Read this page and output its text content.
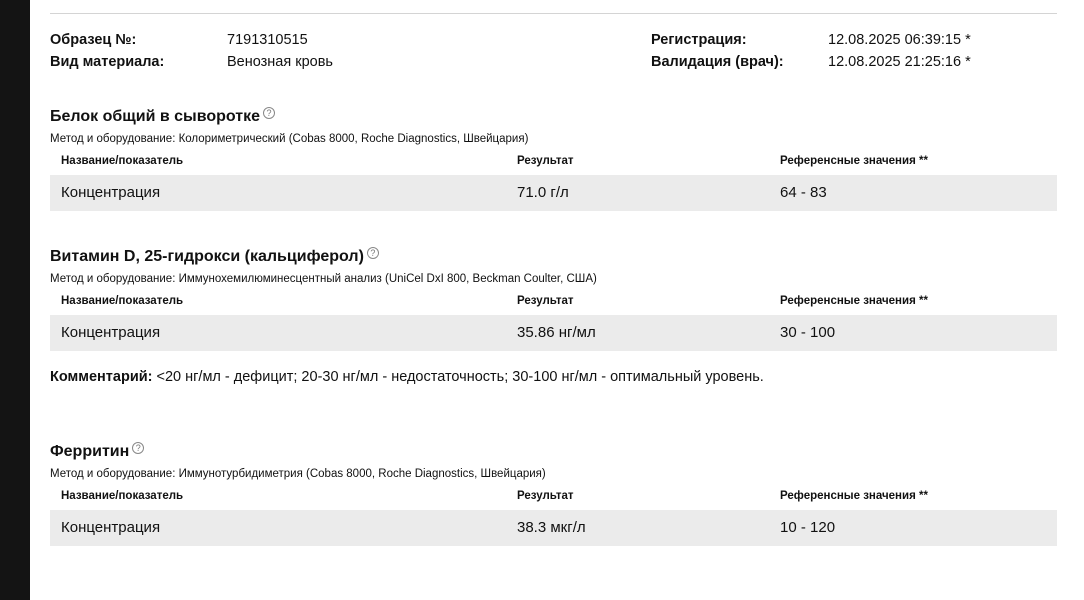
Образец №:	7191310515	Регистрация:	12.08.2025 06:39:15 *
Вид материала:	Венозная кровь	Валидация (врач):	12.08.2025 21:25:16 *
Белок общий в сыворотке ?
Метод и оборудование: Колориметрический (Cobas 8000, Roche Diagnostics, Швейцария)
Название/показатель	Результат	Референсные значения **
Концентрация	71.0 г/л	64 - 83
Витамин D, 25-гидрокси (кальциферол) ?
Метод и оборудование: Иммунохемилюминесцентный анализ (UniCel DxI 800, Beckman Coulter, США)
Название/показатель	Результат	Референсные значения **
Концентрация	35.86 нг/мл	30 - 100
Комментарий: <20 нг/мл - дефицит; 20-30 нг/мл - недостаточность; 30-100 нг/мл - оптимальный уровень.
Ферритин ?
Метод и оборудование: Иммунотурбидиметрия (Cobas 8000, Roche Diagnostics, Швейцария)
Название/показатель	Результат	Референсные значения **
Концентрация	38.3 мкг/л	10 - 120
